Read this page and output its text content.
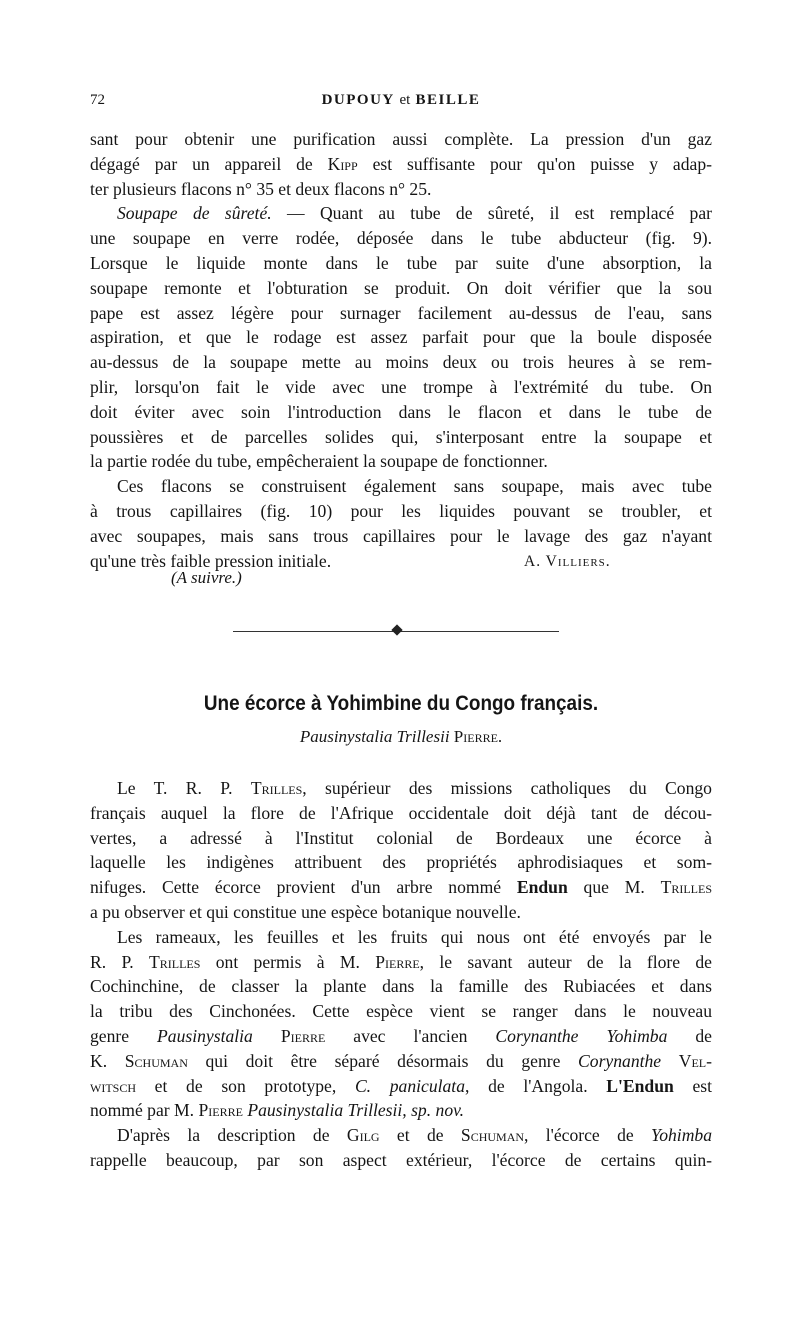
72	DUPOUY et BEILLE
sant pour obtenir une purification aussi complète. La pression d'un gaz
dégagé par un appareil de Kipp est suffisante pour qu'on puisse y adap-
ter plusieurs flacons n° 35 et deux flacons n° 25.
Soupape de sûreté. — Quant au tube de sûreté, il est remplacé par
une soupape en verre rodée, déposée dans le tube abducteur (fig. 9).
Lorsque le liquide monte dans le tube par suite d'une absorption, la
soupape remonte et l'obturation se produit. On doit vérifier que la sou
pape est assez légère pour surnager facilement au-dessus de l'eau, sans
aspiration, et que le rodage est assez parfait pour que la boule disposée
au-dessus de la soupape mette au moins deux ou trois heures à se rem-
plir, lorsqu'on fait le vide avec une trompe à l'extrémité du tube. On
doit éviter avec soin l'introduction dans le flacon et dans le tube de
poussières et de parcelles solides qui, s'interposant entre la soupape et
la partie rodée du tube, empêcheraient la soupape de fonctionner.
Ces flacons se construisent également sans soupape, mais avec tube
à trous capillaires (fig. 10) pour les liquides pouvant se troubler, et
avec soupapes, mais sans trous capillaires pour le lavage des gaz n'ayant
qu'une très faible pression initiale.	A. Villiers.
(A suivre.)
Une écorce à Yohimbine du Congo français.
Pausinystalia Trillesii Pierre.
Le T. R. P. Trilles, supérieur des missions catholiques du Congo
français auquel la flore de l'Afrique occidentale doit déjà tant de décou-
vertes, a adressé à l'Institut colonial de Bordeaux une écorce à
laquelle les indigènes attribuent des propriétés aphrodisiaques et som-
nifuges. Cette écorce provient d'un arbre nommé Endun que M. Trilles
a pu observer et qui constitue une espèce botanique nouvelle.
Les rameaux, les feuilles et les fruits qui nous ont été envoyés par le
R. P. Trilles ont permis à M. Pierre, le savant auteur de la flore de
Cochinchine, de classer la plante dans la famille des Rubiacées et dans
la tribu des Cinchonées. Cette espèce vient se ranger dans le nouveau
genre Pausinystalia Pierre avec l'ancien Corynanthe Yohimba de
K. Schuman qui doit être séparé désormais du genre Corynanthe Vel-
witsch et de son prototype, C. paniculata, de l'Angola. L'Endun est
nommé par M. Pierre Pausinystalia Trillesii, sp. nov.
D'après la description de Gilg et de Schuman, l'écorce de Yohimba
rappelle beaucoup, par son aspect extérieur, l'écorce de certains quin-
